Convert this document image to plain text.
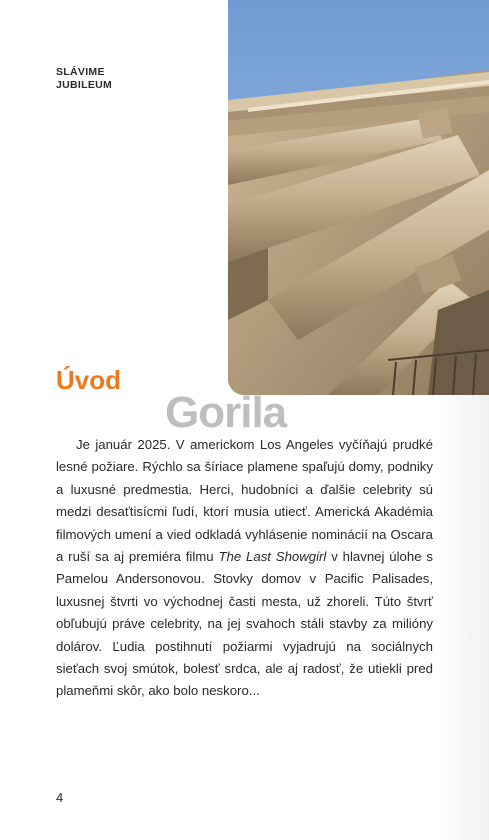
SLÁVIME
JUBILEUM
Úvod
Gorila

Je január 2025. V americkom Los Angeles vyčíňajú prudké lesné požiare. Rýchlo sa šíriace plamene spaľujú domy, podniky a luxusné predmestia. Herci, hudobníci a ďalšie celebrity sú medzi desaťtisícmi ľudí, ktorí musia utiecť. Americká Akadémia filmových umení a vied odkladá vyhlásenie nominácií na Oscara a ruší sa aj premiéra filmu The Last Showgirl v hlavnej úlohe s Pamelou Andersonovou. Stovky domov v Pacific Palisades, luxusnej štvrti vo východnej časti mesta, už zhoreli. Túto štvrť obľubujú práve celebrity, na jej svahoch stáli stavby za milióny dolárov. Ľudia postihnutí požiarmi vyjadrujú na sociálnych sieťach svoj smútok, bolesť srdca, ale aj radosť, že utiekli pred plameňmi skôr, ako bolo neskoro...

4
